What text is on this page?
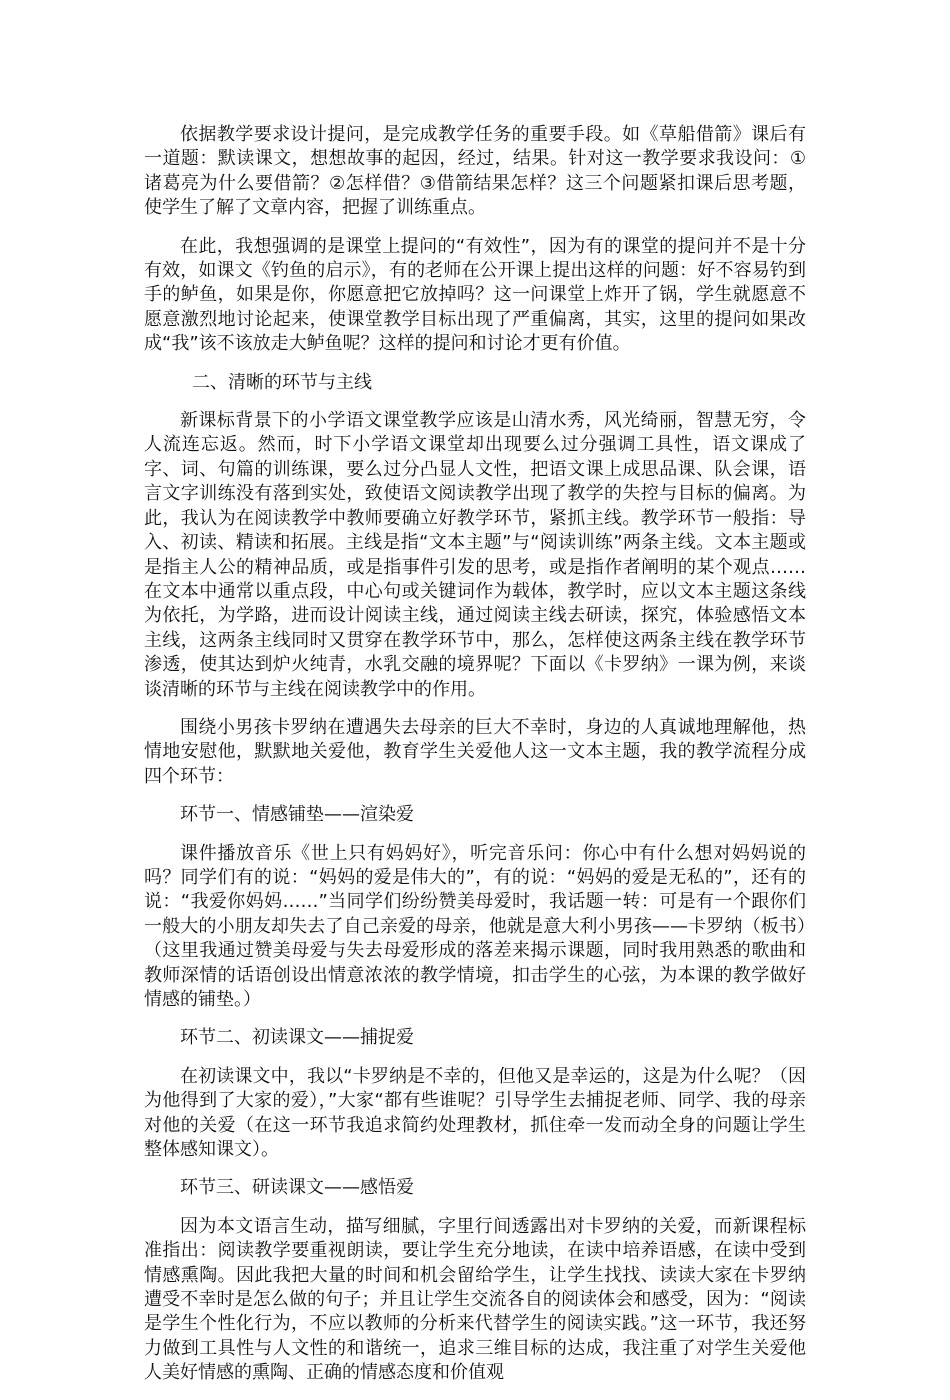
依据教学要求设计提问，是完成教学任务的重要手段。如《草船借箭》课后有一道题：默读课文，想想故事的起因，经过，结果。针对这一教学要求我设问：①诸葛亮为什么要借箭？②怎样借？③借箭结果怎样？这三个问题紧扣课后思考题，使学生了解了文章内容，把握了训练重点。

在此，我想强调的是课堂上提问的“有效性”，因为有的课堂的提问并不是十分有效，如课文《钓鱼的启示》，有的老师在公开课上提出这样的问题：好不容易钓到手的鲈鱼，如果是你，你愿意把它放掉吗？这一问课堂上炸开了锅，学生就愿意不愿意激烈地讨论起来，使课堂教学目标出现了严重偏离，其实，这里的提问如果改成“我”该不该放走大鲈鱼呢？这样的提问和讨论才更有价值。

二、清晰的环节与主线

新课标背景下的小学语文课堂教学应该是山清水秀，风光绮丽，智慧无穷，令人流连忘返。然而，时下小学语文课堂却出现要么过分强调工具性，语文课成了字、词、句篇的训练课，要么过分凸显人文性，把语文课上成思品课、队会课，语言文字训练没有落到实处，致使语文阅读教学出现了教学的失控与目标的偏离。为此，我认为在阅读教学中教师要确立好教学环节，紧抓主线。教学环节一般指：导入、初读、精读和拓展。主线是指“文本主题”与“阅读训练”两条主线。文本主题或是指主人公的精神品质，或是指事件引发的思考，或是指作者阐明的某个观点……在文本中通常以重点段，中心句或关键词作为载体，教学时，应以文本主题这条线为依托，为学路，进而设计阅读主线，通过阅读主线去研读，探究，体验感悟文本主线，这两条主线同时又贯穿在教学环节中，那么，怎样使这两条主线在教学环节渗透，使其达到炉火纯青，水乳交融的境界呢？下面以《卡罗纳》一课为例，来谈谈清晰的环节与主线在阅读教学中的作用。

围绕小男孩卡罗纳在遭遇失去母亲的巨大不幸时，身边的人真诚地理解他，热情地安慰他，默默地关爱他，教育学生关爱他人这一文本主题，我的教学流程分成四个环节：

环节一、情感铺垫——渲染爱

课件播放音乐《世上只有妈妈好》，听完音乐问：你心中有什么想对妈妈说的吗？同学们有的说：“妈妈的爱是伟大的”，有的说：“妈妈的爱是无私的”，还有的说：“我爱你妈妈……”当同学们纷纷赞美母爱时，我话题一转：可是有一个跟你们一般大的小朋友却失去了自己亲爱的母亲，他就是意大利小男孩——卡罗纳（板书）（这里我通过赞美母爱与失去母爱形成的落差来揭示课题，同时我用熟悉的歌曲和教师深情的话语创设出情意浓浓的教学情境，扣击学生的心弦，为本课的教学做好情感的铺垫。）

环节二、初读课文——捕捉爱

在初读课文中，我以“卡罗纳是不幸的，但他又是幸运的，这是为什么呢？（因为他得到了大家的爱），”大家“都有些谁呢？引导学生去捕捉老师、同学、我的母亲对他的关爱（在这一环节我追求简约处理教材，抓住牵一发而动全身的问题让学生整体感知课文）。

环节三、研读课文——感悟爱

因为本文语言生动，描写细腻，字里行间透露出对卡罗纳的关爱，而新课程标准指出：阅读教学要重视朗读，要让学生充分地读，在读中培养语感，在读中受到情感熏陶。因此我把大量的时间和机会留给学生，让学生找找、读读大家在卡罗纳遭受不幸时是怎么做的句子；并且让学生交流各自的阅读体会和感受，因为：“阅读是学生个性化行为，不应以教师的分析来代替学生的阅读实践。”这一环节，我还努力做到工具性与人文性的和谐统一，追求三维目标的达成，我注重了对学生关爱他人美好情感的熏陶、正确的情感态度和价值观
